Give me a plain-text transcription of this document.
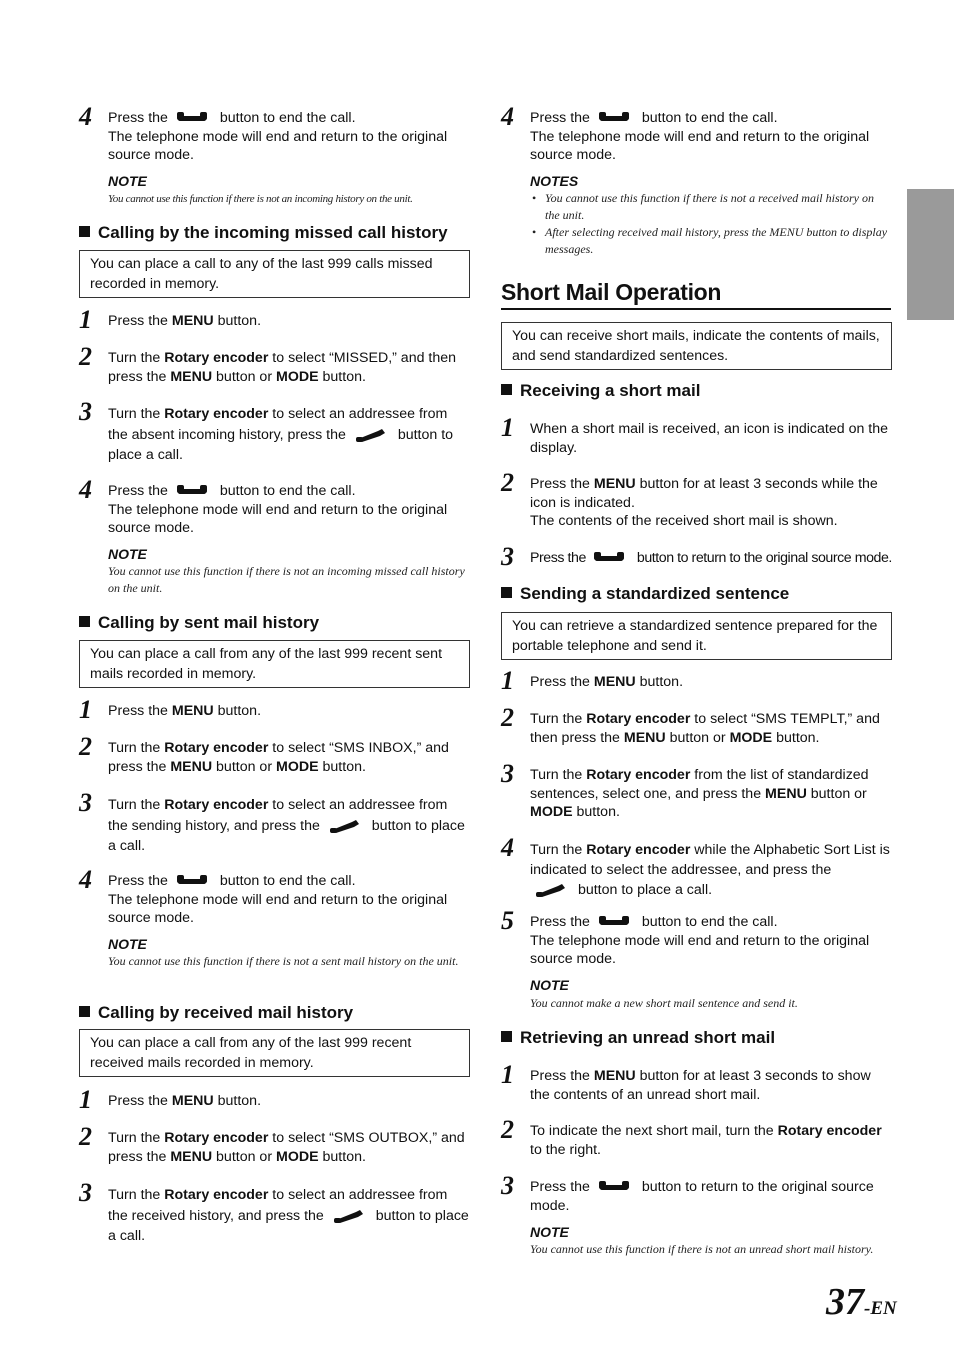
4 Press the	button to end the call.
The telephone mode will end and return to the original source mode.
NOTE
You cannot use this function if there is not an incoming history on the unit.
Calling by the incoming missed call history
You can place a call to any of the last 999 calls missed recorded in memory.
1 Press the MENU button.
2 Turn the Rotary encoder to select “MISSED,” and then press the MENU button or MODE button.
3 Turn the Rotary encoder to select an addressee from the absent incoming history, press the	button to place a call.
4 Press the	button to end the call.
The telephone mode will end and return to the original source mode.
NOTE
You cannot use this function if there is not an incoming missed call history on the unit.
Calling by sent mail history
You can place a call from any of the last 999 recent sent mails recorded in memory.
1 Press the MENU button.
2 Turn the Rotary encoder to select “SMS INBOX,” and press the MENU button or MODE button.
3 Turn the Rotary encoder to select an addressee from the sending history, and press the	button to place a call.
4 Press the	button to end the call.
The telephone mode will end and return to the original source mode.
NOTE
You cannot use this function if there is not a sent mail history on the unit.
Calling by received mail history
You can place a call from any of the last 999 recent received mails recorded in memory.
1 Press the MENU button.
2 Turn the Rotary encoder to select “SMS OUTBOX,” and press the MENU button or MODE button.
3 Turn the Rotary encoder to select an addressee from the received history, and press the	button to place a call.
4 Press the	button to end the call.
The telephone mode will end and return to the original source mode.
NOTES
• You cannot use this function if there is not a received mail history on the unit.
• After selecting received mail history, press the MENU button to display messages.
Short Mail Operation
You can receive short mails, indicate the contents of mails, and send standardized sentences.
Receiving a short mail
1 When a short mail is received, an icon is indicated on the display.
2 Press the MENU button for at least 3 seconds while the icon is indicated.
The contents of the received short mail is shown.
3 Press the	button to return to the original source mode.
Sending a standardized sentence
You can retrieve a standardized sentence prepared for the portable telephone and send it.
1 Press the MENU button.
2 Turn the Rotary encoder to select “SMS TEMPLT,” and then press the MENU button or MODE button.
3 Turn the Rotary encoder from the list of standardized sentences, select one, and press the MENU button or MODE button.
4 Turn the Rotary encoder while the Alphabetic Sort List is indicated to select the addressee, and press the

button to place a call.
5 Press the	button to end the call.
The telephone mode will end and return to the original source mode.
NOTE
You cannot make a new short mail sentence and send it.
Retrieving an unread short mail
1 Press the MENU button for at least 3 seconds to show the contents of an unread short mail.
2 To indicate the next short mail, turn the Rotary encoder to the right.
3 Press the	button to return to the original source mode.
NOTE
You cannot use this function if there is not an unread short mail history.
37-EN
